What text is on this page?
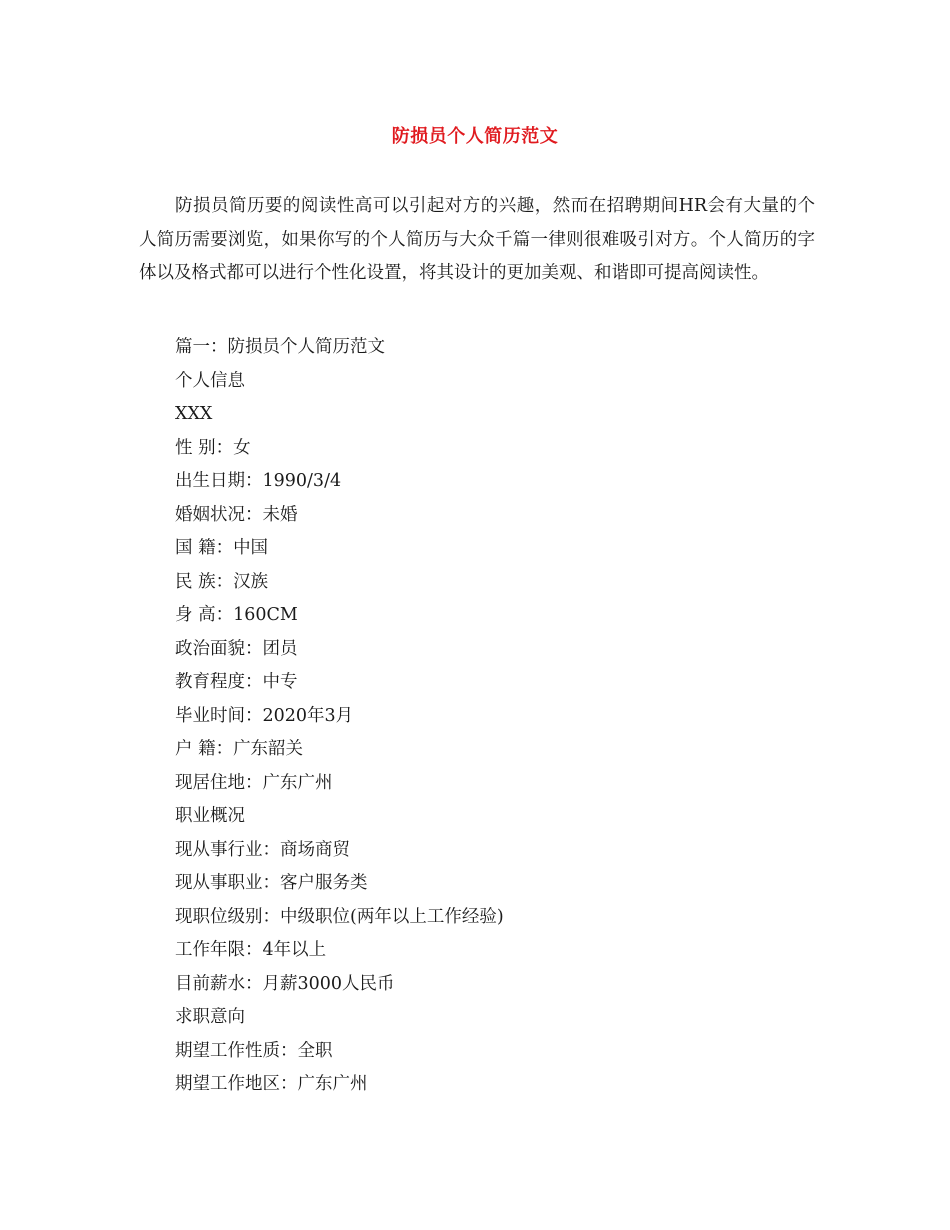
防损员个人简历范文

防损员简历要的阅读性高可以引起对方的兴趣，然而在招聘期间HR会有大量的个人简历需要浏览，如果你写的个人简历与大众千篇一律则很难吸引对方。个人简历的字体以及格式都可以进行个性化设置，将其设计的更加美观、和谐即可提高阅读性。

篇一：防损员个人简历范文
个人信息
XXX
性 别：女
出生日期：1990/3/4
婚姻状况：未婚
国 籍：中国
民 族：汉族
身 高：160CM
政治面貌：团员
教育程度：中专
毕业时间：2020年3月
户 籍：广东韶关
现居住地：广东广州
职业概况
现从事行业：商场商贸
现从事职业：客户服务类
现职位级别：中级职位(两年以上工作经验)
工作年限：4年以上
目前薪水：月薪3000人民币
求职意向
期望工作性质：全职
期望工作地区：广东广州
